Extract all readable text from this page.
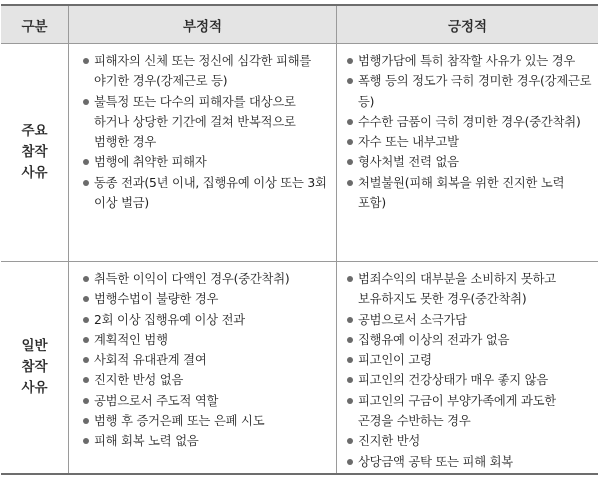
구분	부정적	긍정적
주요
참작
사유
피해자의 신체 또는 정신에 심각한 피해를 야기한 경우(강제근로 등)
불특정 또는 다수의 피해자를 대상으로 하거나 상당한 기간에 걸쳐 반복적으로 범행한 경우
범행에 취약한 피해자
동종 전과(5년 이내, 집행유예 이상 또는 3회 이상 벌금)
범행가담에 특히 참작할 사유가 있는 경우
폭행 등의 정도가 극히 경미한 경우(강제근로 등)
수수한 금품이 극히 경미한 경우(중간착취)
자수 또는 내부고발
형사처벌 전력 없음
처벌불원(피해 회복을 위한 진지한 노력 포함)
일반
참작
사유
취득한 이익이 다액인 경우(중간착취)
범행수법이 불량한 경우
2회 이상 집행유예 이상 전과
계획적인 범행
사회적 유대관계 결여
진지한 반성 없음
공범으로서 주도적 역할
범행 후 증거은폐 또는 은폐 시도
피해 회복 노력 없음
범죄수익의 대부분을 소비하지 못하고 보유하지도 못한 경우(중간착취)
공범으로서 소극가담
집행유예 이상의 전과가 없음
피고인이 고령
피고인의 건강상태가 매우 좋지 않음
피고인의 구금이 부양가족에게 과도한 곤경을 수반하는 경우
진지한 반성
상당금액 공탁 또는 피해 회복
